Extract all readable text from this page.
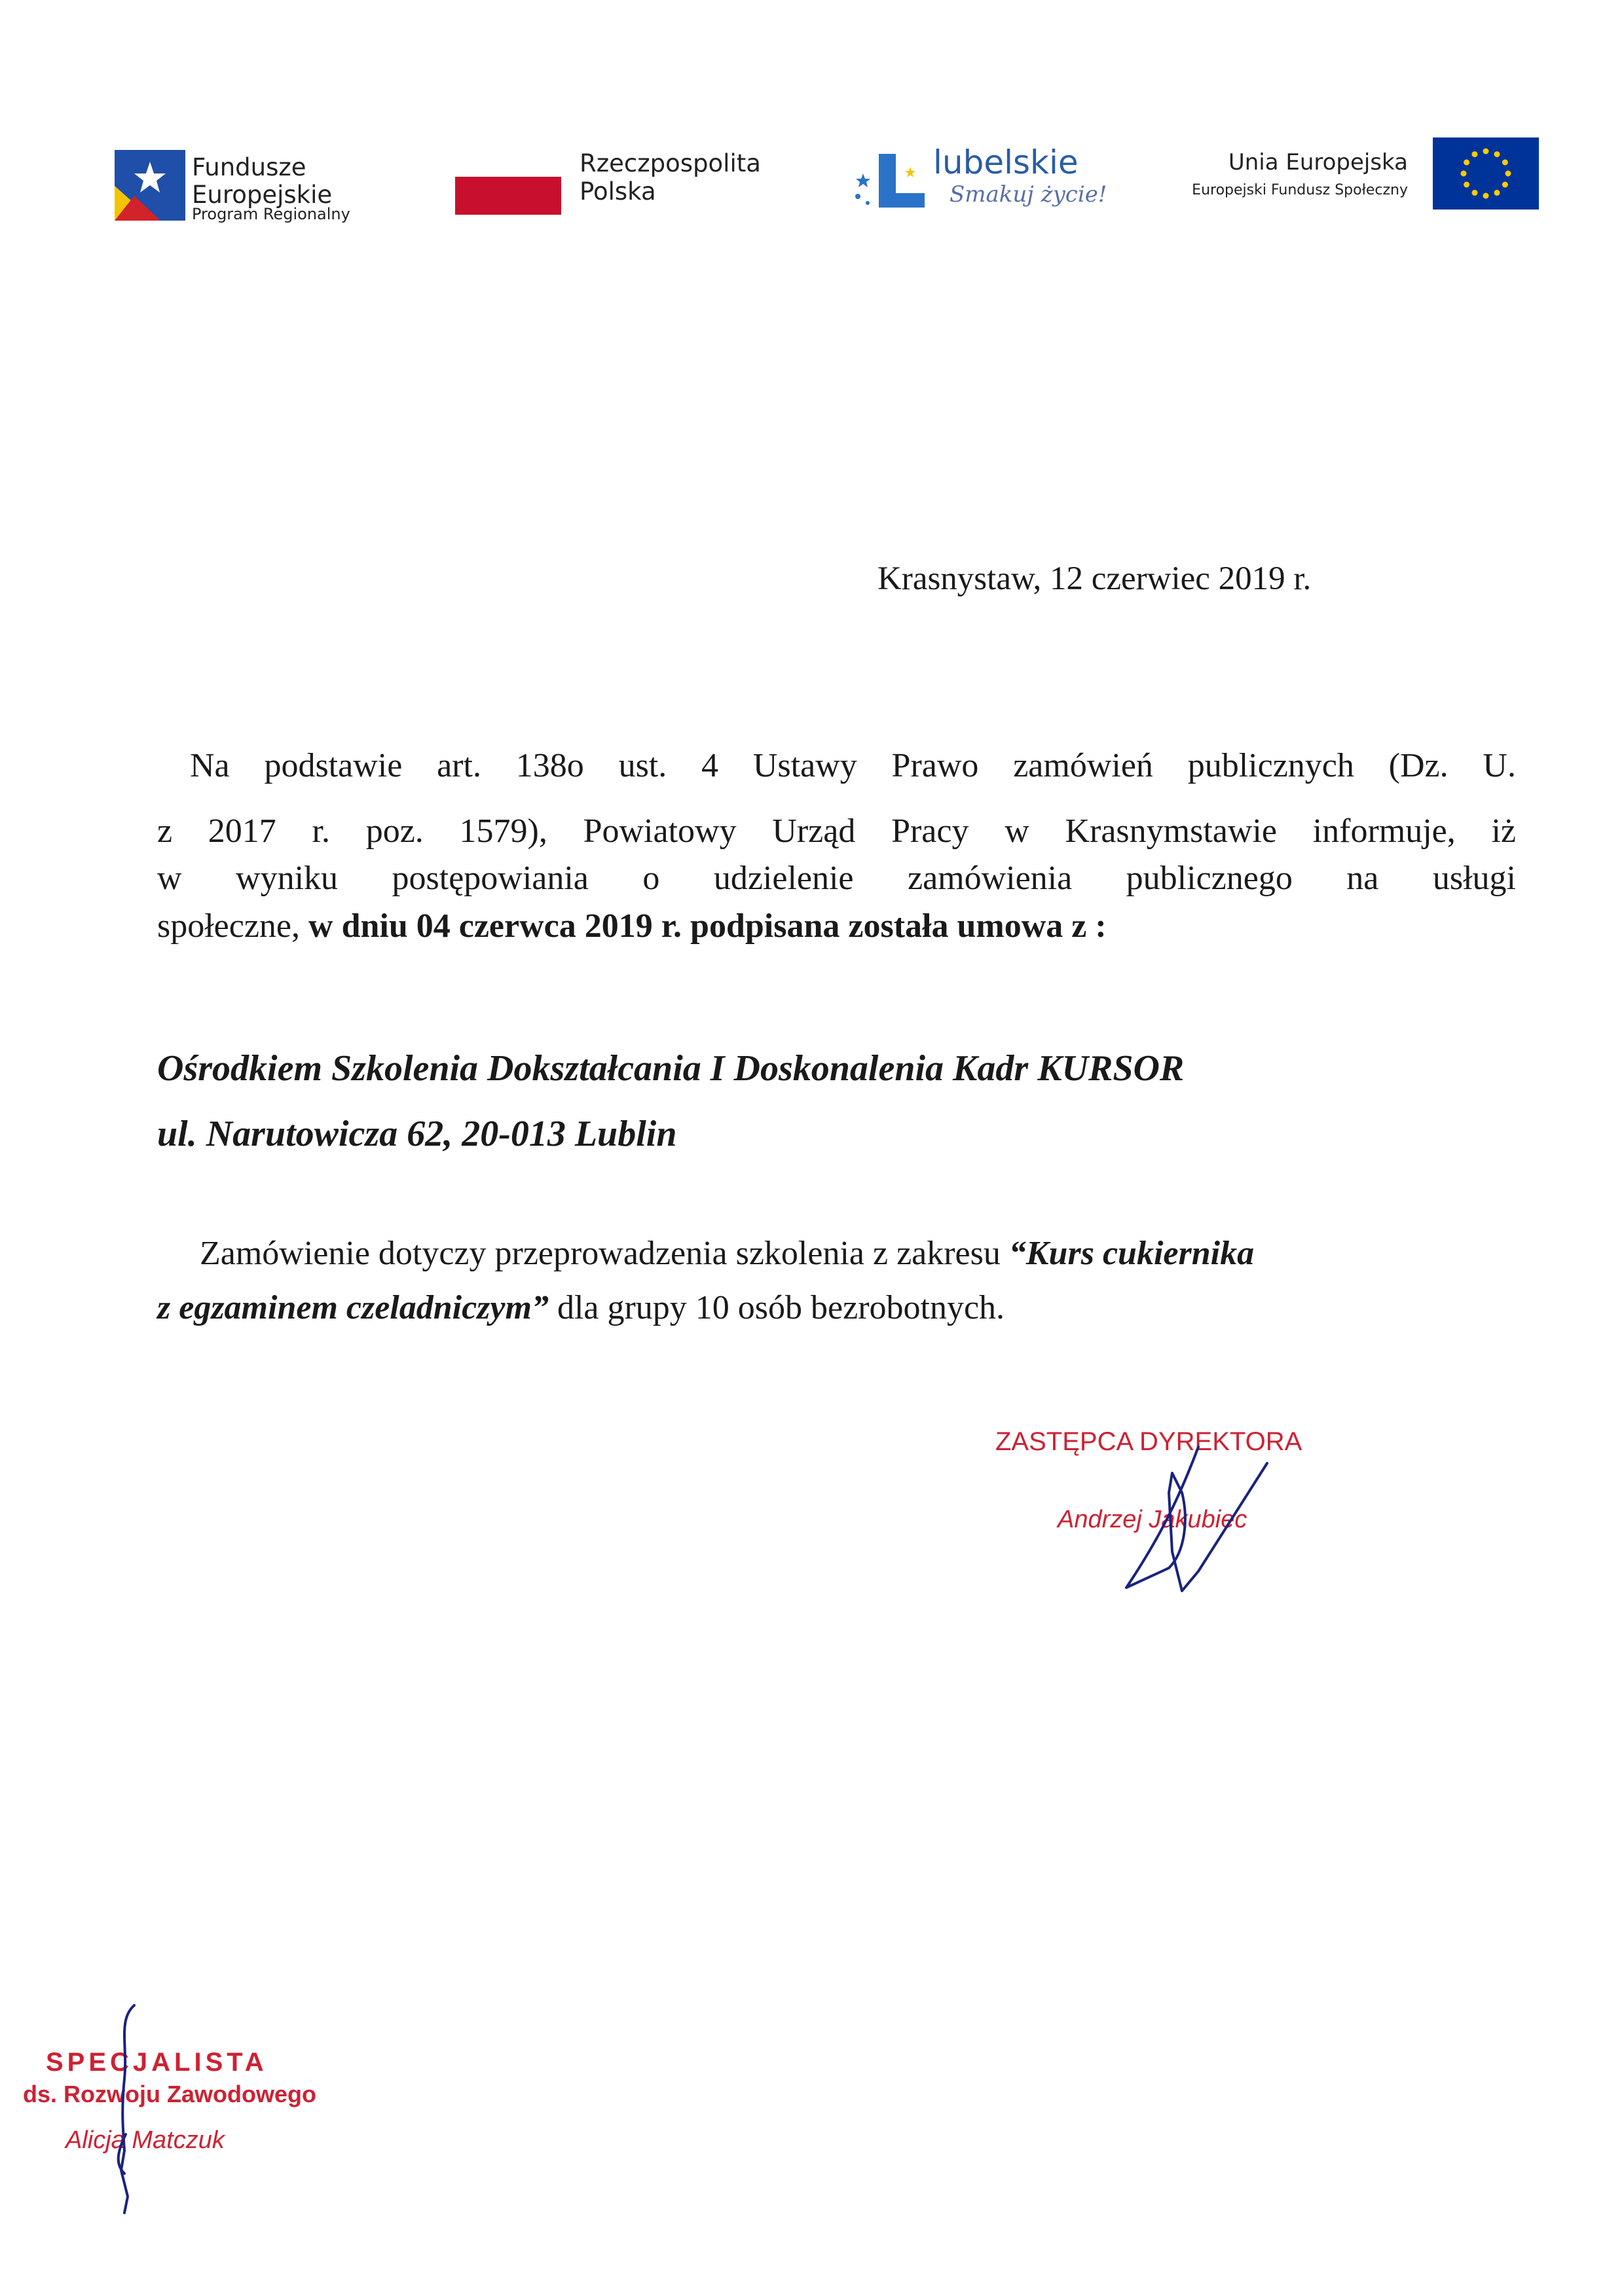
Fundusze
Europejskie
Program Regionalny
Rzeczpospolita
Polska
lubelskie
Smakuj życie!
Unia Europejska
Europejski Fundusz Społeczny
Krasnystaw, 12 czerwiec 2019 r.
Na podstawie art. 138o ust. 4 Ustawy Prawo zamówień publicznych (Dz. U.
z 2017 r. poz. 1579), Powiatowy Urząd Pracy w Krasnymstawie informuje, iż
w wyniku postępowiania o udzielenie zamówienia publicznego na usługi
społeczne, w dniu 04 czerwca 2019 r. podpisana została umowa z :
Ośrodkiem Szkolenia Dokształcania I Doskonalenia Kadr KURSOR
ul. Narutowicza 62, 20-013 Lublin
Zamówienie dotyczy przeprowadzenia szkolenia z zakresu “Kurs cukiernika
z egzaminem czeladniczym” dla grupy 10 osób bezrobotnych.
ZASTĘPCA DYREKTORA
Andrzej Jakubiec
SPECJALISTA
ds. Rozwoju Zawodowego
Alicja Matczuk
